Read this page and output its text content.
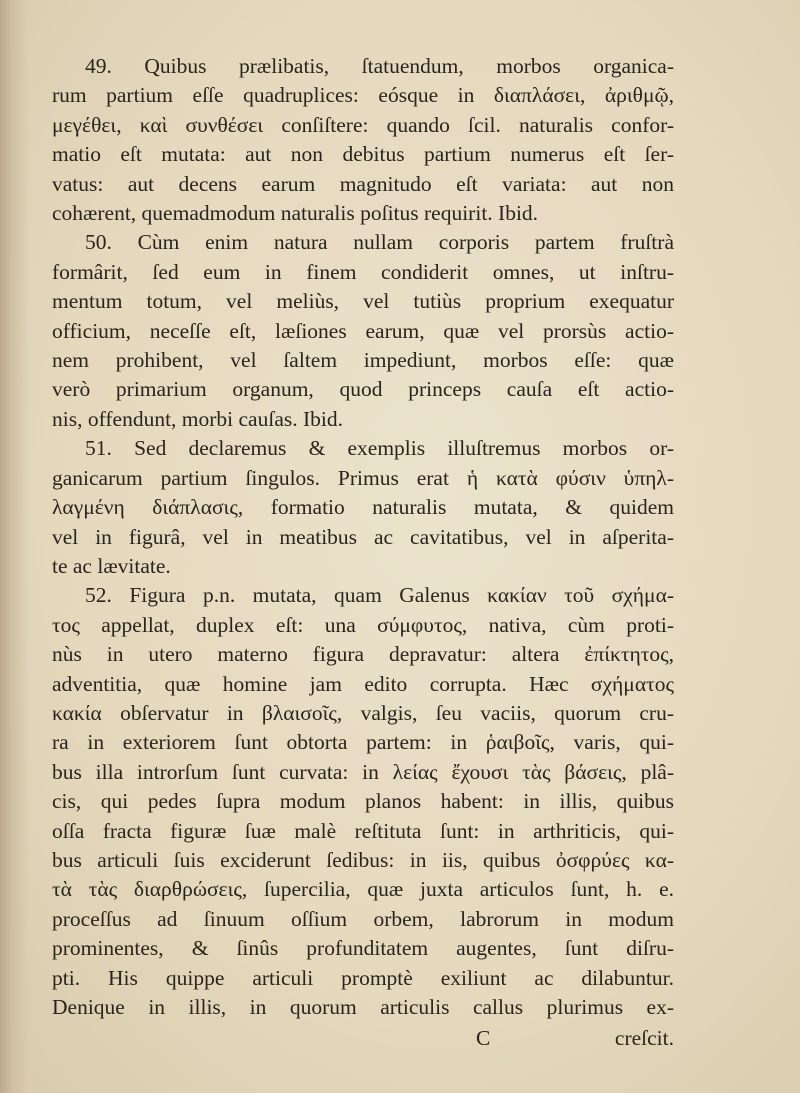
49. Quibus prælibatis, ſtatuendum, morbos organica-
rum partium eſſe quadruplices: eósque in διαπλάσει, ἀριθμῷ,
μεγέθει, καὶ συνθέσει conſiſtere: quando ſcil. naturalis confor-
matio eſt mutata: aut non debitus partium numerus eſt ſer-
vatus: aut decens earum magnitudo eſt variata: aut non
cohærent, quemadmodum naturalis poſitus requirit. Ibid.
50. Cùm enim natura nullam corporis partem fruſtrà
formârit, ſed eum in finem condiderit omnes, ut inſtru-
mentum totum, vel meliùs, vel tutiùs proprium exequatur
officium, neceſſe eſt, læſiones earum, quæ vel prorsùs actio-
nem prohibent, vel ſaltem impediunt, morbos eſſe: quæ
verò primarium organum, quod princeps cauſa eſt actio-
nis, offendunt, morbi cauſas. Ibid.
51. Sed declaremus & exemplis illuſtremus morbos or-
ganicarum partium ſingulos. Primus erat ἡ κατὰ φύσιν ὑπηλ-
λαγμένη διάπλασις, formatio naturalis mutata, & quidem
vel in figurâ, vel in meatibus ac cavitatibus, vel in aſperita-
te ac lævitate.
52. Figura p.n. mutata, quam Galenus κακίαν τοῦ σχήμα-
τος appellat, duplex eſt: una σύμφυτος, nativa, cùm proti-
nùs in utero materno figura depravatur: altera ἐπίκτητος,
adventitia, quæ homine jam edito corrupta. Hæc σχήματος
κακία obſervatur in βλαισοῖς, valgis, ſeu vaciis, quorum cru-
ra in exteriorem ſunt obtorta partem: in ῥαιβοῖς, varis, qui-
bus illa introrſum ſunt curvata: in λείας ἔχουσι τὰς βάσεις, plâ-
cis, qui pedes ſupra modum planos habent: in illis, quibus
oſſa fracta figuræ ſuæ malè reſtituta ſunt: in arthriticis, qui-
bus articuli ſuis exciderunt ſedibus: in iis, quibus ὀσφρύες κα-
τὰ τὰς διαρθρώσεις, ſupercilia, quæ juxta articulos ſunt, h. e.
proceſſus ad ſinuum oſſium orbem, labrorum in modum
prominentes, & ſinûs profunditatem augentes, ſunt diſru-
pti. His quippe articuli promptè exiliunt ac dilabuntur.
Denique in illis, in quorum articulis callus plurimus ex-
C	creſcit.
